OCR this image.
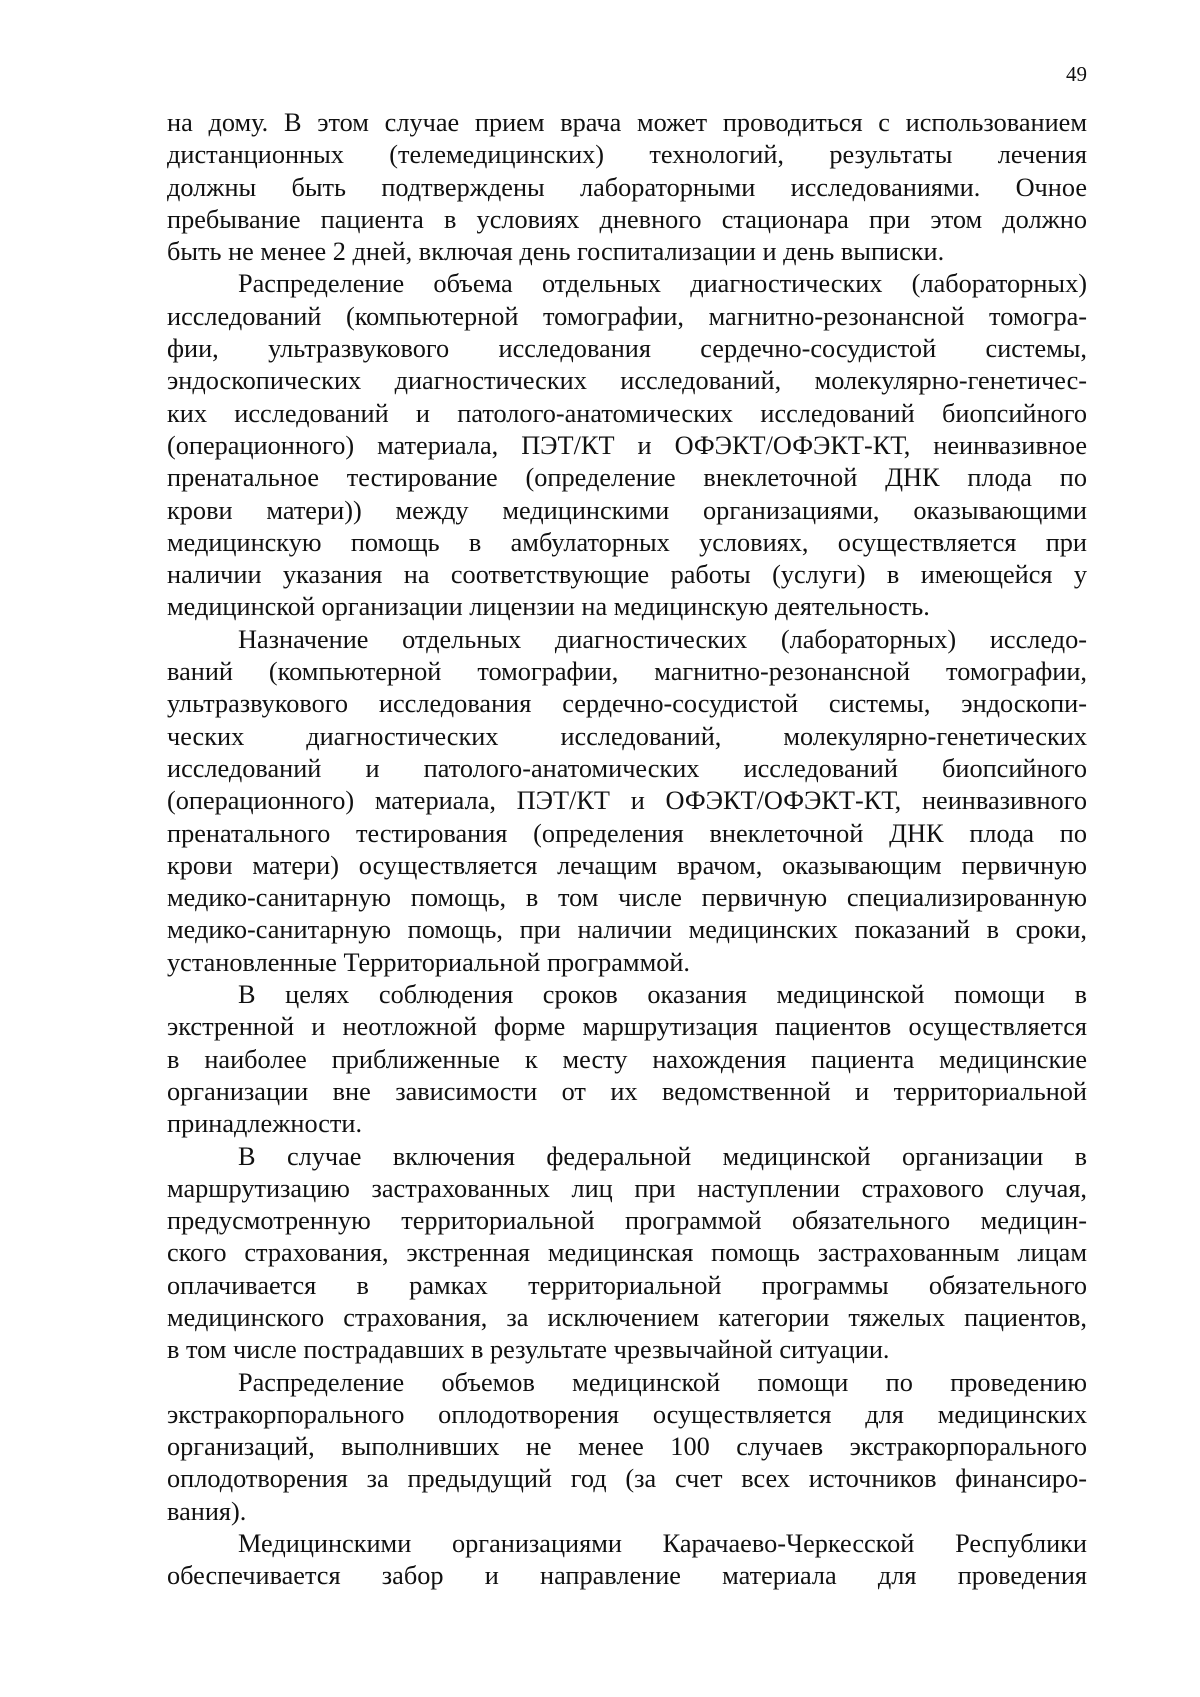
49

на дому. В этом случае прием врача может проводиться с использованием

дистанционных (телемедицинских) технологий, результаты лечения

должны быть подтверждены лабораторными исследованиями. Очное

пребывание пациента в условиях дневного стационара при этом должно

быть не менее 2 дней, включая день госпитализации и день выписки.

Распределение объема отдельных диагностических (лабораторных)

исследований (компьютерной томографии, магнитно-резонансной томогра-

фии, ультразвукового исследования сердечно-сосудистой системы,

эндоскопических диагностических исследований, молекулярно-генетичес-

ких исследований и патолого-анатомических исследований биопсийного

(операционного) материала, ПЭТ/КТ и ОФЭКТ/ОФЭКТ-КТ, неинвазивное

пренатальное тестирование (определение внеклеточной ДНК плода по

крови матери)) между медицинскими организациями, оказывающими

медицинскую помощь в амбулаторных условиях, осуществляется при

наличии указания на соответствующие работы (услуги) в имеющейся у

медицинской организации лицензии на медицинскую деятельность.

Назначение отдельных диагностических (лабораторных) исследо-

ваний (компьютерной томографии, магнитно-резонансной томографии,

ультразвукового исследования сердечно-сосудистой системы, эндоскопи-

ческих диагностических исследований, молекулярно-генетических

исследований и патолого-анатомических исследований биопсийного

(операционного) материала, ПЭТ/КТ и ОФЭКТ/ОФЭКТ-КТ, неинвазивного

пренатального тестирования (определения внеклеточной ДНК плода по

крови матери) осуществляется лечащим врачом, оказывающим первичную

медико-санитарную помощь, в том числе первичную специализированную

медико-санитарную помощь, при наличии медицинских показаний в сроки,

установленные Территориальной программой.

В целях соблюдения сроков оказания медицинской помощи в

экстренной и неотложной форме маршрутизация пациентов осуществляется

в наиболее приближенные к месту нахождения пациента медицинские

организации вне зависимости от их ведомственной и территориальной

принадлежности.

В случае включения федеральной медицинской организации в

маршрутизацию застрахованных лиц при наступлении страхового случая,

предусмотренную территориальной программой обязательного медицин-

ского страхования, экстренная медицинская помощь застрахованным лицам

оплачивается в рамках территориальной программы обязательного

медицинского страхования, за исключением категории тяжелых пациентов,

в том числе пострадавших в результате чрезвычайной ситуации.

Распределение объемов медицинской помощи по проведению

экстракорпорального оплодотворения осуществляется для медицинских

организаций, выполнивших не менее 100 случаев экстракорпорального

оплодотворения за предыдущий год (за счет всех источников финансиро-

вания).

Медицинскими организациями Карачаево-Черкесской Республики

обеспечивается забор и направление материала для проведения
